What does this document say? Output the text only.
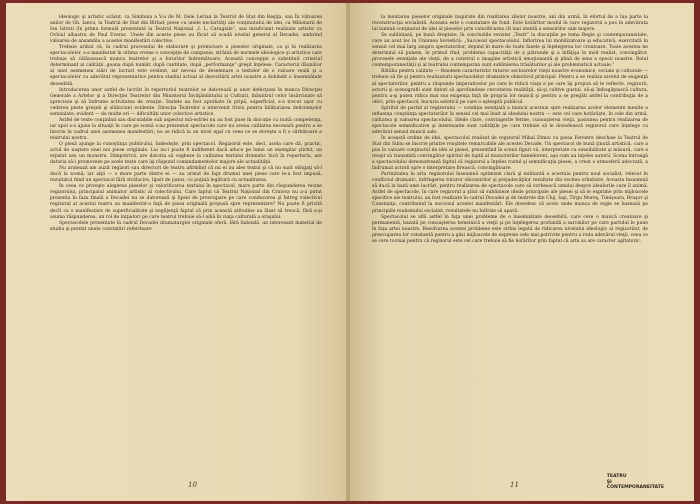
ideologic şi artistic scăzut, ca Simfonia a V-a de M. Dele Lerian la Teatrul de Stat din Reşiţa, sau În viitoarea anilor de Gh. Iancu, la Teatrul de Stat din Bîrlad; piese cu unele neclarităţi ale conţinutului de idei, ca Milionarii de Ion Istrati (în prima formulă prezentată la Teatrul Naţional „I. L. Caragiale”, sau insuficient realizate artistic ca Ochiul albastru de Paul Everac. Unele din aceste piese au făcut să scadă nivelul general al Decadei, umbrind valoarea de ansamblu a acestei manifestări colective.

Trebuie arătat că, în cadrul procesului de elaborare şi promovare a pieselor originale, ca şi în realizarea spectacolelor, s-a manifestat în ultima vreme o concepţie de campanie, străină de normele ideologice şi artistice care trebuie să călăuzească munca teatrelor şi a forurilor îndrumătoare. Această concepţie a substituit criteriul determinant al calităţii, goana după număr, după cantitate, după „performanţe” greşit înţelese. Caracterul dăunător al unei asemenea stări de lucruri este evident, iar nevoia de desemnare a textelor de o valoare reală şi a spectacolelor cu adevărat reprezentative pentru stadiul actual al dezvoltării artei noastre a dobîndit o însemnătate deosebită.

Introducerea unor astfel de lucrări în repertoriul teatrelor se datorează şi unor defecţiuni în munca Direcţiei Generale a Artelor şi a Direcţiei Teatrelor din Ministerul Învăţămîntului şi Culturii, înăuntrul celor însărcinate să aprecieze şi să îndrume activitatea de creaţie. Textele au fost aprobate în pripă, superficial, s-a trecut uşor cu vederea peste greşeli şi slăbiciuni evidente. Direcţia Teatrelor a intervenit tîrziu pentru înlăturarea deficienţelor semnalate, evident — de multe ori — dificultăţi unor colective artistice.

Astfel de texte conţinînd sau discutabile sub aspectul mă-estriei nu au fost puse în discuţie cu toată competenţa, iar apoi s-a ajuns la situaţii în care pe scenă s-au prezentat spectacole care nu aveau calitatea necesară pentru a se înscrie în cadrul unei asemenea manifestări; nu se ridică la un nivel egal cu ceea ce se doreşte a fi o sărbătoare a teatrului nostru.

O piesă ajunge la cunoştinţa publicului, îndeobşte, prin spectacol. Regizorul este, deci, acela care dă, practic, actul de naştere unei noi piese originale. Lui nu-i poate fi indiferent dacă aduce pe lume un exemplar ştirbit, un erpstat sau un monstru. Dimpotrivă, are datoria să vegheze la calitatea textului dramatic încă în repertoriu, are datoria să-i promoveze pe acele texte care îşi răspund comandamentelor majore ale actualităţii.

Nu aratează am auzit regizori sau directori de teatru afirmînd că nu ei au ales textul şi că nu sunt obligaţi să-l ducă la scenă; iar alţii — o mare parte dintre ei — au urmat de fapt drumul unei piese care le-a fost impusă, rezultatul fiind un spectacol fără strălucire, lipsit de patos, cu puţină legătură cu actualitatea.

În ceea ce priveşte alegerea pieselor şi valorificarea textului în spectacol, mare parte din răspunderea revine regizorului, principalul animator artistic al colectivului. Care faptul că Teatrul Naţional din Craiova nu a-a putut prezenta în faza finală a Decadei nu se datorează şi lipsei de preocupare pe care conducerea şi întreg colectivul regizoral al acestui teatru au manifestat-o faţă de piesa originală propusă spre reprezentare? Nu poate fi privită decît ca o manifestare de superficialitate şi neglijenţă faptul că prin această atitudine au lăsat să treacă, fără a-şi asuma răspunderea, un rol de iniţiatori pe care teatrul trebuie să-l aibă în viaţa culturală a oraşului.

Spectacolele prezentate în cadrul Decadei dramaturgiei originale oferă, fără îndoială, un interesant material de studiu şi permit unele constatări referitoare

10

la montarea pieselor originale inspirate din realitatea zilelor noastre, ani din urmă, în efortul de a lua parte la reconstrucţia socialistă. Aceasta este o constatare de fond. Este hotărîtor modul în care regizorul a pus în adevărata lui lumină conţinutul de idei al pieselor prin valorificarea cît mai atentă a sensurilor sale majore.

Se subliniază, pe bună dreptate, în concluziile revistei „Teatr” la discuţiile pe tema Regie şi contemporaneitate, care au avut loc în Uniunea Sovietică: „Succesul spectacolului, înflorirea lui mobilizatoare şi educativă, exercitată în sensul cel mai larg asupra spectatorilor, depind în mare de toate fazele şi înţelegerea lor creatoare. Toate acestea ne determină să punem, în primul rînd, problema capacităţii de a pătrunde şi a înfăţişa în mod realist, convingător, procesele esenţiale ale vieţii, de a construi o imagine artistică emoţionantă şi plină de sens a epocii noastre. Rolul contemporaneităţii şi al teatrului contemporan sunt sublinierea trăsăturilor şi ale problematicii actuale.”

Bătălia pentru calitate — fenomen caracteristic tuturor sectoarelor vieţii noastre economice, sociale şi culturale — trebuie să fie şi pentru realizatorii spectacolelor dramatice obiectivul principal. Pentru a se realiza nivelul de exigenţă al spectatorilor, pentru a răspunde imperativelor pe care le ridică viaţa e pe care îşi propun să le reflecte, regizorii, actorii şi scenografii sunt datori să aprofundeze cercetarea realităţii, să-şi cultive gustul, să-şi îmbogăţească cultura, pentru a-şi putea ridica mai sus exigenţa faţă de propria lor muncă şi pentru a se pregăti astfel la contribuţia de a oferi, prin spectacol, bucuria estetică pe care o aşteaptă publicul.

Spiritul de partid al regizorului — condiţia esenţială a muncii acestuia spre realizarea acelor elemente menite a influenţa conştiinţa spectatorilor în sensul cel mai înalt al idealului nostru — este cel care hotărăşte, în cele din urmă, calitatea şi valoarea spectacolului. Ideile clare, convingerile ferme, cunoaşterea vieţii, pasiunea pentru realizarea de spectacole semnificative şi interesante sunt calităţile pe care trebuie să le dovedească regizorul care înţelege cu adevărat sensul muncii sale.

În această ordine de idei, spectacolul realizat de regizorul Mihai Dimiu cu piesa Ferestre deschise la Teatrul de Stat din Sibiu se înscrie printre reuşitele remarcabile ale acestei Decade. Un spectacol de bună ţinută artistică, care a pus în valoare conţinutul de idei al piesei, prezentînd în scenă figuri vii, interpretate cu sensibilitate şi măsură, care a reuşit să transmită convingător spiritul de luptă al muncitorilor hunedoreni, aşa cum au înţeles autorii. Scena întreagă a spectacolului demonstrează faptul că regizorul a înţeles rostul şi semnificaţia piesei, a creat o atmosferă adecvată, a îndrumat actorii spre o interpretare firească, convingătoare.

Partinitatea în arta regizorului înseamnă optimism clară şi militantă a acestuia pentru noul socialist, relevat în conflictul dramatic, înfrîngerea tuturor obiceiurilor şi prejudecăţilor rezultate din vechea orînduire. Aceasta înseamnă să ducă la bază unei lucrări, pentru realizarea de spectacole care să vorbească omului despre idealurile care îl animă. Astfel de spectacole, în care regizorul a ştiut să sublinieze ideile principale ale piesei şi să le exprime prin mijloacele specifice ale teatrului, au fost realizate în cadrul Decadei şi de teatrele din Cluj, Iaşi, Tîrgu Mureş, Timişoara, Braşov şi Constanţa, contribuind la succesul acestei manifestări. Ele dovedesc că acolo unde munca de regie se bazează pe principiile realismului socialist, rezultatele nu întîrzie să apară.

Spectacolul se află astfel în faţa unei probleme de o însemnătate deosebită, care cere o muncă creatoare şi permanentă, bazată pe cunoaşterea temeinică a vieţii şi pe înţelegerea profundă a sarcinilor pe care partidul le pune în faţa artei noastre. Rezolvarea acestei probleme este strîns legată de ridicarea nivelului ideologic al regizorilor, de preocuparea lor constantă pentru a găsi mijloacele de expresie cele mai potrivite pentru a reda adevărul vieţii, ceea ce se cere tocmai pentru că regizorul este cel care trebuie să fie hotărîtor prin faptul că arta sa are caracter agitatoric.

11
TEATRU
ŞI
CONTEMPORANEITATE
